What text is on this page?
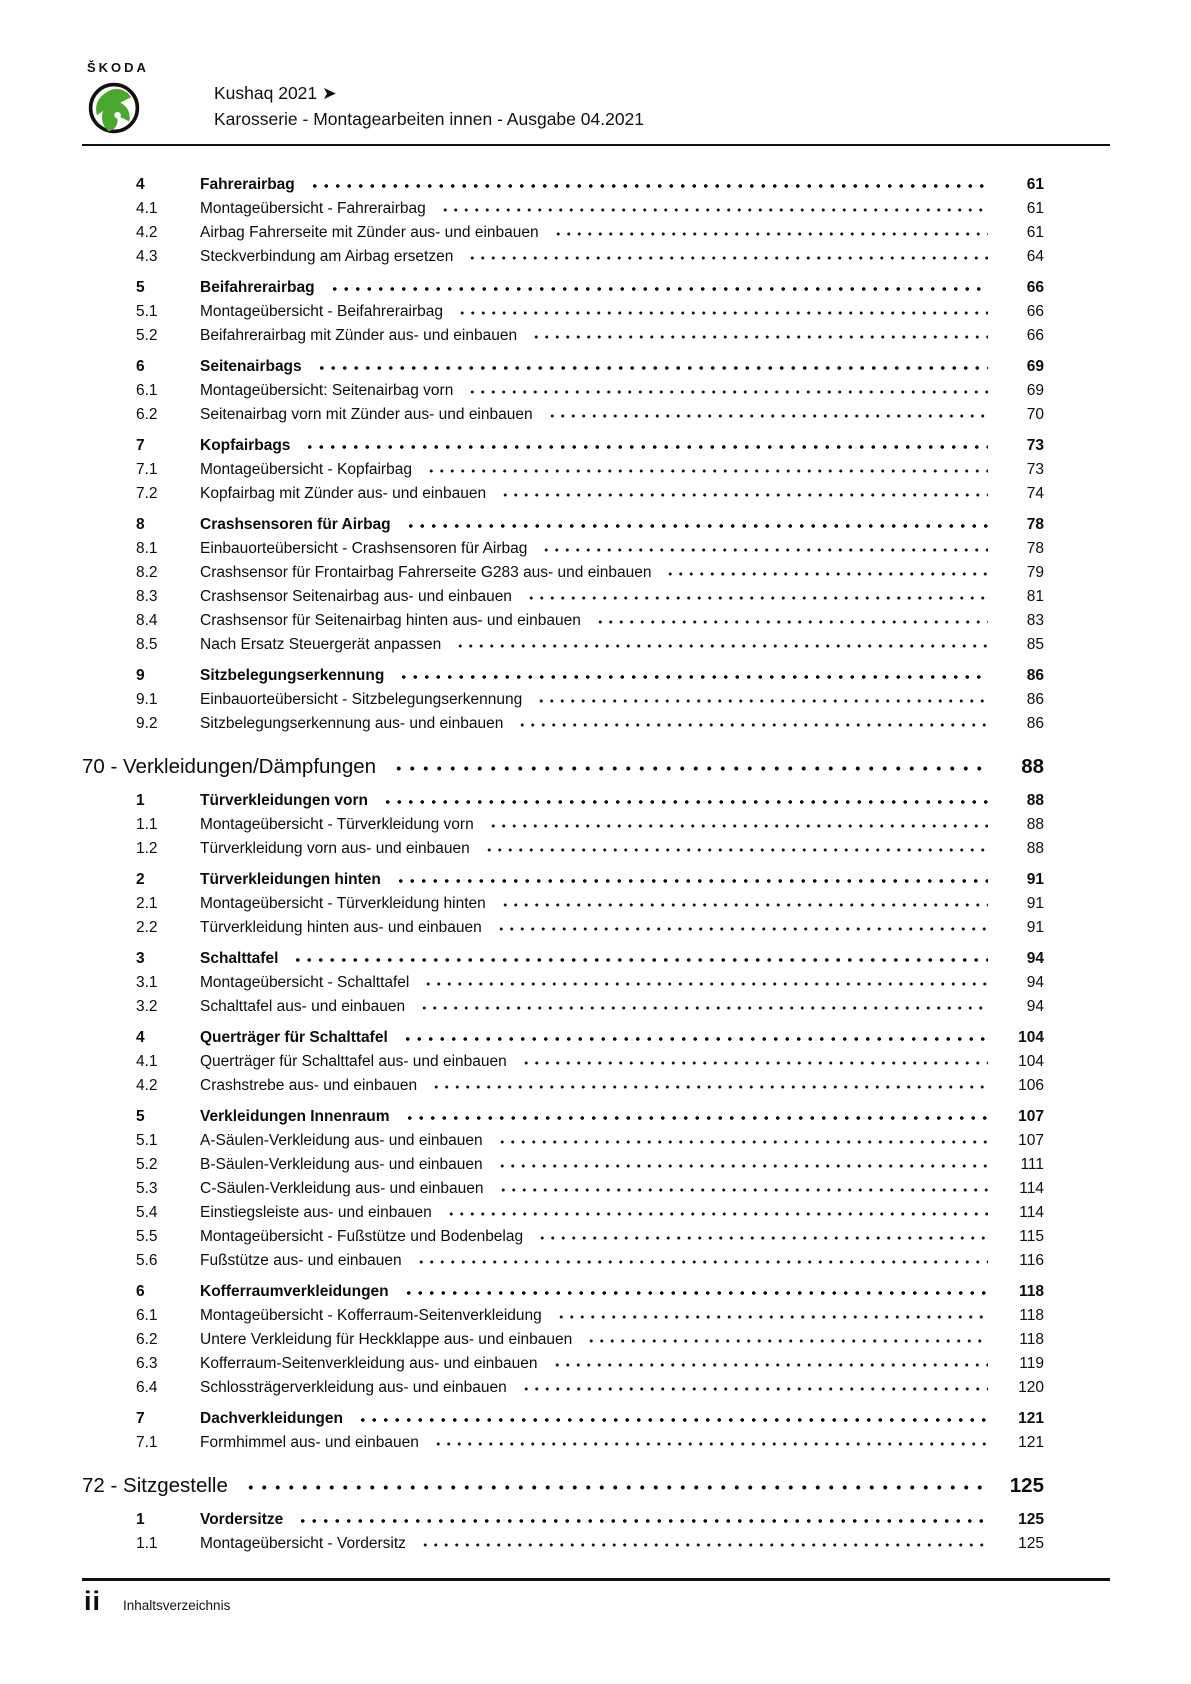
ŠKODA
Kushaq 2021 ➤
Karosserie - Montagearbeiten innen - Ausgabe 04.2021
4	Fahrerairbag	61
4.1	Montageübersicht - Fahrerairbag	61
4.2	Airbag Fahrerseite mit Zünder aus- und einbauen	61
4.3	Steckverbindung am Airbag ersetzen	64
5	Beifahrerairbag	66
5.1	Montageübersicht - Beifahrerairbag	66
5.2	Beifahrerairbag mit Zünder aus- und einbauen	66
6	Seitenairbags	69
6.1	Montageübersicht: Seitenairbag vorn	69
6.2	Seitenairbag vorn mit Zünder aus- und einbauen	70
7	Kopfairbags	73
7.1	Montageübersicht - Kopfairbag	73
7.2	Kopfairbag mit Zünder aus- und einbauen	74
8	Crashsensoren für Airbag	78
8.1	Einbauorteübersicht - Crashsensoren für Airbag	78
8.2	Crashsensor für Frontairbag Fahrerseite G283 aus- und einbauen	79
8.3	Crashsensor Seitenairbag aus- und einbauen	81
8.4	Crashsensor für Seitenairbag hinten aus- und einbauen	83
8.5	Nach Ersatz Steuergerät anpassen	85
9	Sitzbelegungserkennung	86
9.1	Einbauorteübersicht - Sitzbelegungserkennung	86
9.2	Sitzbelegungserkennung aus- und einbauen	86
70 - Verkleidungen/Dämpfungen	88
1	Türverkleidungen vorn	88
1.1	Montageübersicht - Türverkleidung vorn	88
1.2	Türverkleidung vorn aus- und einbauen	88
2	Türverkleidungen hinten	91
2.1	Montageübersicht - Türverkleidung hinten	91
2.2	Türverkleidung hinten aus- und einbauen	91
3	Schalttafel	94
3.1	Montageübersicht - Schalttafel	94
3.2	Schalttafel aus- und einbauen	94
4	Querträger für Schalttafel	104
4.1	Querträger für Schalttafel aus- und einbauen	104
4.2	Crashstrebe aus- und einbauen	106
5	Verkleidungen Innenraum	107
5.1	A-Säulen-Verkleidung aus- und einbauen	107
5.2	B-Säulen-Verkleidung aus- und einbauen	111
5.3	C-Säulen-Verkleidung aus- und einbauen	114
5.4	Einstiegsleiste aus- und einbauen	114
5.5	Montageübersicht - Fußstütze und Bodenbelag	115
5.6	Fußstütze aus- und einbauen	116
6	Kofferraumverkleidungen	118
6.1	Montageübersicht - Kofferraum-Seitenverkleidung	118
6.2	Untere Verkleidung für Heckklappe aus- und einbauen	118
6.3	Kofferraum-Seitenverkleidung aus- und einbauen	119
6.4	Schlossträgerverkleidung aus- und einbauen	120
7	Dachverkleidungen	121
7.1	Formhimmel aus- und einbauen	121
72 - Sitzgestelle	125
1	Vordersitze	125
1.1	Montageübersicht - Vordersitz	125
ii Inhaltsverzeichnis
